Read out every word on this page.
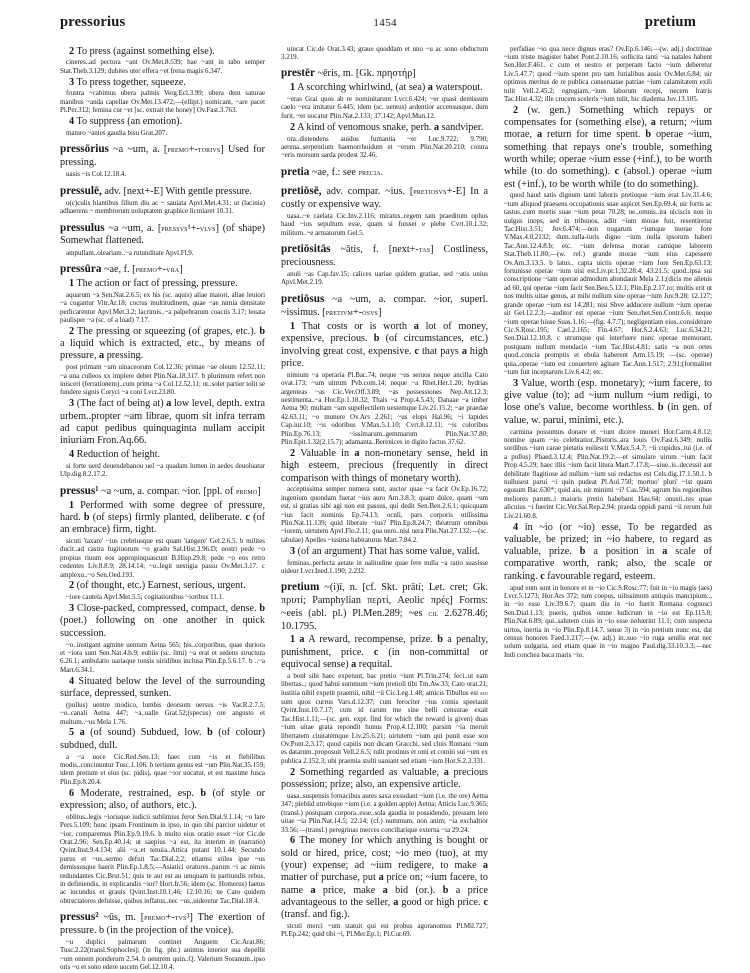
pressorius	1454	pretium
2 To press (against something else).
cineres..ad pectora ~ant Ov.Met.8.539; hae ~ant in tabo semper Stat.Theb.3.129; dubites uter effera ~et frena magis 6.347.
3 To press together, squeeze.
frustra ~cabimus ubera palmis Verg.Ecl.3.99; ubera dent saturae manibus ~anda capellae Ov.Met.13.472;—(ellipt.) uomicant, ~are pacet Pl.Per.312; femina cur ~et [sc. extrait the honey] Ov.Fast.3.763.
4 To suppress (an emotion).
maturo ~antes gaudia bisu Grat.207.
pressōrius ~a ~um, a. [premo+-torivs] Used for pressing.
uasis ~is Col.12.18.4.
pressulē, adv. [next+-E] With gentle pressure.
o(c)culis hiantibus filium diu ac ~ sauiata Apvl.Met.4.31; ut (lacinia) adhaerens ~ membrorum uoluptatem graphice licmiaret 10.31.
pressulus ~a ~um, a. [pressvs¹+-vlvs] (of shape) Somewhat flattened.
ampullam..oleariam..~a rutunditate Apvl.Fl.9.
pressūra ~ae, f. [premo+-vra]
1 The action or fact of pressing, pressure.
aquarum ~a Sen.Nat.2.6.5; ex his (sc. aquis) aliae maiori, aliae leuiori ~a cogantur Vitr.Ar.18; coctus multitudinem, quae ~ae nimia densitate perlicarentur Apvl.Met.3.2; lacrimis..~a palpebrarum coactis 3.17; leuata paulisper ~a (sc. of a load) 7.17.
2 The pressing or squeezing (of grapes, etc.). b a liquid which is extracted, etc., by means of pressure, a pressing.
post primam ~am uinaceorum Col.12.36; primae ~ae oleum 12.52.11; ~a una culleos xx implere debet Plin.Nat.18.317. b plurimum refert non inisceri (ferrationem)..cum prima ~a Col.12.52.11; ut..solet partier tolit se fundere signis Coryci ~a coni Lvcr.23.80.
3 (The fact of being at) a low level, depth. extra urbem..propter ~am librae, quom sit infra terram ad caput pedibus quinquaginta nullam accipit iniuriam Fron.Aq.66.
4 Reduction of height.
si forte uerd deuendebanou uel ~a quadam lumen in aedes deuoluatur Ulp.dig.8.2.17.2.
pressus¹ ~a ~um, a. compar. ~ior. [ppl. of premo]
1 Performed with some degree of pressure, hard. b (of steps) firmly planted, deliberate. c (of an embrace) firm, tight.
sicuti 'taxare' ~ius crebriusque est quam 'tangere' Gel.2.6.5. b milites ducit..ad castra fugituorum ~o gradu Sal.Hist.3.96.D; nostri pede ~o propius riuum eos appropinquascunt B.Hisp.29.8; pede ~o eos retro cedentes Liv.8.8.9; 28.14.14; ~o..legit uestigia passu Ov.Met.3.17. c amplexu..~o Sen.Oed.193.
2 (of thought, etc.) Earnest, serious, urgent.
~iore cautela Apvl.Met.5.5; cogitationibus ~ioribus 11.1.
3 Close-packed, compressed, compact, dense. b (poet.) following on one another in quick succession.
~o..instigant agmine uentum Aetna 565; his..corporibus, quae duriora et ~iora sunt Sen.Nat.4.b.9; euhiis (sc. limi) ~a erat et sedens structura 6.26.1; ambulatio uariaque tonsis uiridibus inclusa Plin.Ep.5.6.17. b ..~a Mart.6.34.1.
4 Situated below the level of the surrounding surface, depressed, sunken.
(pullus) uentre modico, lumbis deorsum uersus ~is Var.R.2.7.5; ~o..canali Aetna 447; ~a..ualle Grat.52;(specus) ore angusto et multum..~us Mela 1.76.
5 a (of sound) Subdued, low. b (of colour) subdued, dull.
a ~a uoce Cic.Red.Sen.13; haec cum ~is et flebilibus modis..concinuntur Tusc.1.106. b tertium genus est ~um Plin.Nat.35.159; idem pretium et eius (sc. pidis), quae ~ior uocatur, et est maxime fusca Plin.Ep.8.20.4.
6 Moderate, restrained, esp. b (of style or expression; also, of authors, etc.).
oblitus..legis ~iorisque iudicii sublimius feror Sen.Dial.9.1.14; ~o lare Pers.5.109; hunc ipsam Frontinum in ipso, in quo tibi parcior uidetur et ~ior, comparemus Plin.Ep.9.19.6. b multo eius oratio esset ~ior Cic.de Orat.2.96; Sen.Ep.40.14; ut saepius ~a est, ita interim in (narratio) Qvint.Inst.9.4.134; alii ~a..et tenuia..Attica putant 10.1.44; Secundo purus et ~us..sermo defuit Tac.Dial.2.2; etiamsi stilus ipse ~us demissusque haerit Plin.Ep.1.8.5;—Asiatici oratores..parum ~i ac nimis redundantes Cic.Brut.51; quis te aut est au umquam in partiundis rebus, in definiendis, in explicandis ~ior? Hort.fr.56; idem (sc. Homerus) laetus ac iucundus et grauis Qvint.Inst.10.1.46; 12.10.16; ne Cato quidem obtrectatores defuisse, quibus inflatus..nec ~us..uideretur Tac.Dial.18.4.
pressus² ~ūs, m. [premo+-tvs³] The exertion of pressure. b (in the projection of the voice).
~u duplici palmarum continet Anguem Cic.Arat.86; Tusc.2.22(transl.Sophocles); (in fig. phr.) animus interior sua depellit ~um onnem ponderum 2.54. b uentrem quin..Q. Valerium Soranum..ipso oris ~u et sono edere uocem Gel.12.10.4.
uincat Cic.de Orat.3.43; graue quoddam et uno ~u ac sono obductum 3.219.
prestēr ~ēris, m. [Gk. πρηστήρ]
1 A scorching whirlwind, (at sea) a waterspout.
~eras Grai quos ab re nominitarunt Lvcr.6.424; ~er quasi demissum caelo ~era imitatur 6.445; idem (sc. uentus) ardentior accensusque, dum furit, ~er uocatur Plin.Nat.2.133; 37.142; Apvl.Mun.12.
2 A kind of venomous snake, perh. a sandviper.
ora..distendens auidus fumantia ~er Luc.9.722; 9.790; aerena..serpentium haemorrhoidum et ~erum Plin.Nat.20.210; contra ~eris morsum sarda prodest 32.46.
pretia ~ae, f.: see precia.
pretiōsē, adv. compar. ~ius. [pretiosvs+-E] In a costly or expensive way.
uasa..~e caelata Cic.Inv.2.116; miratus..regem tam praeditum ophus haud ~ius sepultum esse, quam si fuisset e plebe Cvrt.10.1.32; militum..~e armatorum Gel.5.
pretiōsitās ~ātis, f. [next+-tas] Costliness, preciousness.
anuli ~as Cap.fav.15; calices uariae quidem gratiae, sed ~atis unius Apvl.Met.2.19.
pretiōsus ~a ~um, a. compar. ~ior, superl. ~issimus. [pretivm+-osvs]
1 That costs or is worth a lot of money, expensive, precious. b (of circumstances, etc.) involving great cost, expensive. c that pays a high price.
nimium ~a operaria Pl.Bac.74; neque ~us seruos neque ancilla Cato ovat.173; ~um uitrum Pvb.com.14; neque ~a Rhet.Her.1.20; hydrias argenteas ~as Cic.Ver.Off.3.89; ~as possessiones Nep.Att.12.3; uestimenta..~a Hor.Ep.1.18.32; Thais ~a Prop.4.5.43; Danaae ~a imber Aetna 90; multam ~am supellectilem uestemque Liv.21.15.2; ~ae praedae 42.63.11; ~o munere Ov.Ars 2.261; ~us elops Hal.96; ~i lapides Cap.iur.10; ~is odoribus V.Max.5.1.10; Cvrt.8.12.11; ~is coloribus Plin.Ep.76.13; ~issimarum..gemmarum Plin.Nat.37.80; Plin.Epit.1.32(2.15.7); adamanta..Berenices in digito factus 37.62.
2 Valuable in a non-monetary sense, held in high esteem, precious (frequently in direct comparison with things of monetary worth).
acceptissima semper numera sunt, auctor quae ~a facit Ov.Ep.16.72; ingenium quondam fuerat ~ius auro Am.3.8.3; quam dulce, quam ~um est, si gratias sibi agi non est passus, qui dedit Sen.Ben.2.6.1; quicquam ~ius facit nominis Ep.74.13; ocnli, pars corporis utilissima Plin.Nat.11.139; quid liberate ~ius? Plin.Ep.8.24.7; theatrum omnibus ~iorem, uirtutem Apvl.Flo.2.11; qua uero..nisi uera Plin.Nat.27.132;—(sc. tabulae) Apelles ~issima habitaturus Mart.7.84.2.
3 (of an argument) That has some value, valid.
feminas..perfecta aetate in ualitudine quae fere nulla ~a ratio suasisse uideur Lvcr.Ined.1.190; 2.232.
pretium ~(i)ī, n. [cf. Skt. prātí; Let. cret; Gk. πρυτί; Pamphylian περτί, Aeolic πρές] Forms: ~eeis (abl. pl.) Pl.Men.289; ~es cil 2.6278.46; 10.1795.
1 a A reward, recompense, prize. b a penalty, punishment, price. c (in non-committal or equivocal sense) a requital.
a bonl sibi haec expetunt, bac pretio ~iunt Pl.Trin.274; feci..ut eam libertas..; quod habui summum ~ium pretioli tibi Tm.Aw.33; Cato orat.21; iustitia nihil expetit praemii, nihil ~ii Cic.Leg.1.48; amicis Tibullus est sed sum quos currus Vars.d.12.37; cum ferociter ~ius comis speetauit Qvint.Inst.10.7.17; cum id rarum me sine belli censurae exait Tac.Hist.1.11;—(sc. gen. expr. find for which the reward is given) duas ~ium uitae grata repondit hunus Prop.4.12.100; parsim ~ia meruit libertatem ciuitatemque Liv.25.6.21; uirtutem ~ium qui punit esse sou Ov.Pont.2.3.17; quod capitis non dicam Gracchi, sed cluis Romani ~ium es datarum..proposuit Vell.2.6.5; tulit protinus et omi et comiti sui ~um ex publica 2.152.3; ubi praemia stulti uaniant sed etiam ~ium Hor.S.2.3.331.
2 Something regarded as valuable, a precious possession; prize; also, an expensive article.
uasa..suspensis fornacibus aures saxa exsudant ~ium (i.e. the ore) Aetna 347; pleblid utrobique ~ium (i.e. a golden apple) Aetna; Atticis Luc.9.365; (transl.) postquam corpora..esse..sola gaudia in possidendo, pressam lere uitae ~ia Plin.Nat.14.5; 22.14; (cf.) nummum, non anim; ~ia exchaltior 33.56;—(transl.) peregrinas merces conciliarique externa ~ia 29.24.
6 The money for which anything is bought or sold or hired, price, cost; ~io meo (tuo), at my (your) expense; ad ~ium redigere, to make a matter of purchase, put a price on; ~ium facere, to name a price, make a bid (or.). b a price advantageous to the seller, a good or high price. c (transf. and fig.).
stcuti merci ~um statuit qui est probus agoranomus Pl.Mil.727; Pl.Ep.242; quid tibi ~i, Pl.Mer.Ep.1; Pl.Cur.69.
perfidiae ~io qua nece dignus eras? Ov.Ep.6.146;—(w. adj.) doctrinae ~ium triste magister habet Pont.2.10.16; sollicita tanti ~ia natales habent Sen.Her.F.461. c cum et uestro et perperam facto ~ium deberetur Liv.5.47.7; quod ~ium speret pro tam furialibus ausis Ov.Met.6.84; uir optimus meritus de re publica conseruatae patriae ~ium calamitatem exili tulit Vell.2.45.2; egregiam..~ium laborum recepi, necem fratris Tac.Hist.4.32; ille crucem sceleris ~ium tulit, hic diadema Juv.13.105.
2 (w. gen.) Something which repays or compensates for (something else), a return; ~ium morae, a return for time spent. b operae ~ium, something that repays one's trouble, something worth while; operae ~ium esse (+inf.), to be worth while (to do something). c (absol.) operae ~ium est (+inf.), to be worth while (to do something).
quod haud satis dignum tanti laboris pretioque ~ium erat Liv.31.4.6; ~ium aliquod praesens occupationis suae aspicet Sen.Ep.69.4; uir fortis ac tastus..cum mortis suae ~ium petat 70.28; ne..omnis..ira ulciscis non in uulgus inops, sed in tribunos, adiit ~ium morae fuit, resentiretur Tac.Hist.3.51; Juv.6.474;—non nugarum ~iumque morae fore V.Max.4.0.2132; dum..tulla-iuris digno ~ium nulla ipsorum haberi Tac.Ann.12.4.8.b; etc. ~ium defensa morae camique laborem Stat.Theb.11.80;—(w. ref.) grande morae ~ium eius capessere Ov.Am.3.13.5. b latus.. capta uictis operae ~ium fore Sen.Ep.63.13; fortunisse operae ~ium uisi est.Liv.pr.1;32.28.4; 43.21.5; quod..ipsa sui conscriptione ~iam operae admodum abundauit Mela 2.1;(dicis me alienis ad 60, qui operae ~ium facit Sen.Ben.5.12.1; Plin.Ep.2.17.ro; multis erit ut nos multis uitae genus, at mihi nullum sine operae ~ium Juv.9.28; 12.127; grande operae ~ium est 14.281; nisi Sbve adducere nullum ~ium operae sit Gel.12.2.3;—auditor est operae ~ium Sen.rhet.Sen.Contr.6.6; neque ~ium operae hiuse Suas.1.16;—(fig. 4.7.7); negligentiam eius..considerare Cic.S.Rosc.195; Cael.2.165; Fin.4.67; Hor.S.2.4.63; Luc.6.34.21; Sen.Dial.12.10.8. c utrumque qui interfuere nunc operae memorant, postquam nullum mendacio ~ium Tac.Hist.4.81; satis ~a non ortes quod..concia promptis et ebula haberent Arm.15.19; —(sc. operae) quia..operae ~ium est conuertere agitare Tac.Ann.1.517; 2.91;(formaliter ~ium fuit inceptarum Liv.6.4.2; etc.
3 Value, worth (esp. monetary); ~ium facere, to give value (to); ad ~ium nullum ~ium redigi, to lose one's value, become worthless. b (in gen. of value, w. parui, minimi, etc.).
carmina possumus donare et ~ium dicere muneri Hor.Carm.4.8.12; nomine quam ~io celebratior..Pistoris..ara louis Ov.Fast.6.349; nullis sordibus ~ium carae pietatis euilescit V.Max.5.4.7; ~ii cupidus..tui (i.e. of a pullus) Phaed.3.12.4; Plin.Nat.19.2;—et simulare uirum ~ium facit Prop.4.5.29; haec illis ~ium facit litura Mart.7.17.8;—siue..is..decessit aut debilitate flagitiose ad nullum ~ium sui redactus est Cels.dig.17.1.50.1. b nullusest parui ~i quin pudeat Pl.Aul.750; mortuo' pluri' ~ist quam egosum Bac.630*; quid ais, uir minimi ~i? Cas.594; agrum his regionibus meliores parum..i maioris pretio habebant Hau.64; onusti..res quae alicuius ~i fuerint Cic.Ver.Sal.Rep.2.94; praeda oppidi parui ~ii rerum fuit Liv.21.60.8.
4 in ~io (or ~io) esse, To be regarded as valuable, be prized; in ~io habere, to regard as valuable, prize. b a position in a scale of comparative worth, rank; also, the scale or ranking. c favourable regard, esteem.
apud eum sunt in honore et in ~io Cic.S.Rosc.77; fuit in ~io magis (aes) Lvcr.5.1273; Hor.Ars 372; tum coepus, uilissimum antiquis mancipium.., in ~io esse Liv.39.6.7; quam diu in ~io fuerit Romana cognosci Sen.Dial.1.13; pueris, quibus omne ludicrum in ~io est Ep.115.8; Plin.Nat.6.89; qui..salutem ciuis in ~io esse noluerint 11.1; cum suspecta uirtos, inertia in ~io Plin.Ep.8.14.7. sense 3) in ~io pretium nunc est, dat census honores Faed.1.217;—(w. adj.) in..suo ~io ruga senilis erat nec solum uulgaria, sed etiam quae in ~io magno Paul.dig.33.10.3.3;—nec Indi conchea baca maris ~io.
